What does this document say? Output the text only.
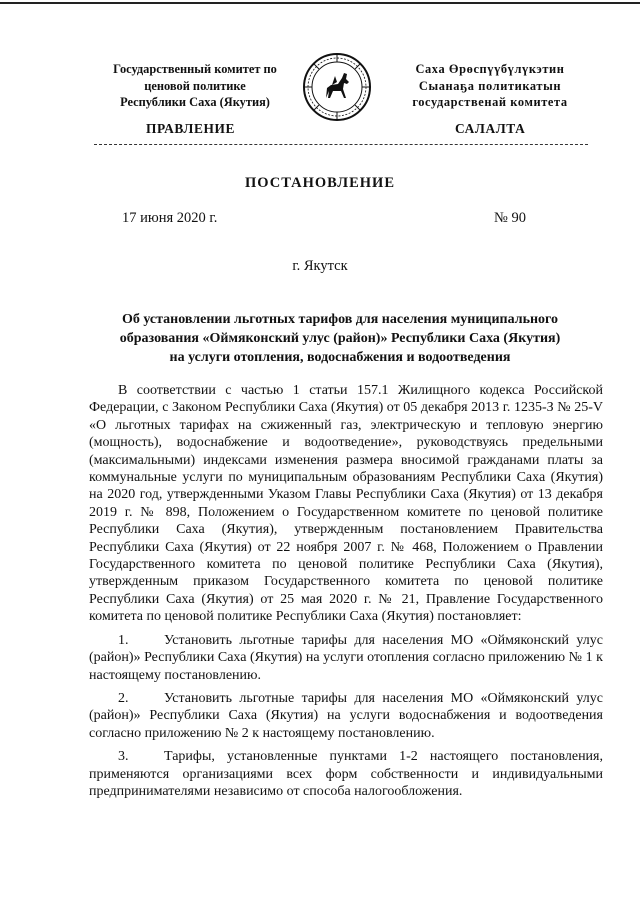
Государственный комитет по
ценовой политике
Республики Саха (Якутия)
Саха Өрөспүүбүлүкэтин
Сыанаҕа политикатын
государственай комитета
ПРАВЛЕНИЕ	САЛАЛТА
ПОСТАНОВЛЕНИЕ
17 июня 2020 г.	№ 90
г. Якутск
Об установлении льготных тарифов для населения муниципального
образования «Оймяконский улус (район)» Республики Саха (Якутия)
на услуги отопления, водоснабжения и водоотведения

В соответствии с частью 1 статьи 157.1 Жилищного кодекса Российской Федерации, с Законом Республики Саха (Якутия) от 05 декабря 2013 г. 1235-З № 25-V «О льготных тарифах на сжиженный газ, электрическую и тепловую энергию (мощность), водоснабжение и водоотведение», руководствуясь предельными (максимальными) индексами изменения размера вносимой гражданами платы за коммунальные услуги по муниципальным образованиям Республики Саха (Якутия) на 2020 год, утвержденными Указом Главы Республики Саха (Якутия) от 13 декабря 2019 г. № 898, Положением о Государственном комитете по ценовой политике Республики Саха (Якутия), утвержденным постановлением Правительства Республики Саха (Якутия) от 22 ноября 2007 г. № 468, Положением о Правлении Государственного комитета по ценовой политике Республики Саха (Якутия), утвержденным приказом Государственного комитета по ценовой политике Республики Саха (Якутия) от 25 мая 2020 г. № 21, Правление Государственного комитета по ценовой политике Республики Саха (Якутия) постановляет:

1.	Установить льготные тарифы для населения МО «Оймяконский улус (район)» Республики Саха (Якутия) на услуги отопления согласно приложению № 1 к настоящему постановлению.

2.	Установить льготные тарифы для населения МО «Оймяконский улус (район)» Республики Саха (Якутия) на услуги водоснабжения и водоотведения согласно приложению № 2 к настоящему постановлению.

3.	Тарифы, установленные пунктами 1-2 настоящего постановления, применяются организациями всех форм собственности и индивидуальными предпринимателями независимо от способа налогообложения.
